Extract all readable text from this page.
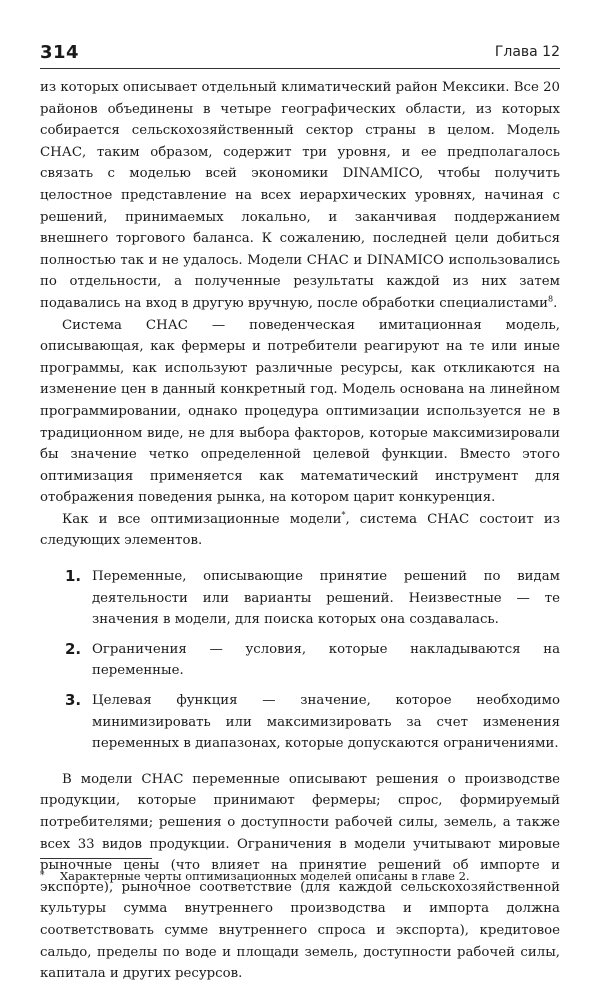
314	Глава 12

из которых описывает отдельный климатический район Мексики. Все 20 районов объединены в четыре географических области, из которых собирается сельскохозяйственный сектор страны в целом. Модель СНАС, таким образом, содержит три уровня, и ее предполагалось связать с моделью всей экономики DINAMICO, чтобы получить целостное представление на всех иерархических уровнях, начиная с решений, принимаемых локально, и заканчивая поддержанием внешнего торгового баланса. К сожалению, последней цели добиться полностью так и не удалось. Модели СНАС и DINAMICO использовались по отдельности, а полученные результаты каждой из них затем подавались на вход в другую вручную, после обработки специалистами$^8$.

Система СНАС — поведенческая имитационная модель, описывающая, как фермеры и потребители реагируют на те или иные программы, как используют различные ресурсы, как откликаются на изменение цен в данный конкретный год. Модель основана на линейном программировании, однако процедура оптимизации используется не в традиционном виде, не для выбора факторов, которые максимизировали бы значение четко определенной целевой функции. Вместо этого оптимизация применяется как математический инструмент для отображения поведения рынка, на котором царит конкуренция.

Как и все оптимизационные модели*, система СНАС состоит из следующих элементов.

1. Переменные, описывающие принятие решений по видам деятельности или варианты решений. Неизвестные — те значения в модели, для поиска которых она создавалась.
2. Ограничения — условия, которые накладываются на переменные.
3. Целевая функция — значение, которое необходимо минимизировать или максимизировать за счет изменения переменных в диапазонах, которые допускаются ограничениями.

В модели СНАС переменные описывают решения о производстве продукции, которые принимают фермеры; спрос, формируемый потребителями; решения о доступности рабочей силы, земель, а также всех 33 видов продукции. Ограничения в модели учитывают мировые рыночные цены (что влияет на принятие решений об импорте и экспорте), рыночное соответствие (для каждой сельскохозяйственной культуры сумма внутреннего производства и импорта должна соответствовать сумме внутреннего спроса и экспорта), кредитовое сальдо, пределы по воде и площади земель, доступности рабочей силы, капитала и других ресурсов.

* Характерные черты оптимизационных моделей описаны в главе 2.
